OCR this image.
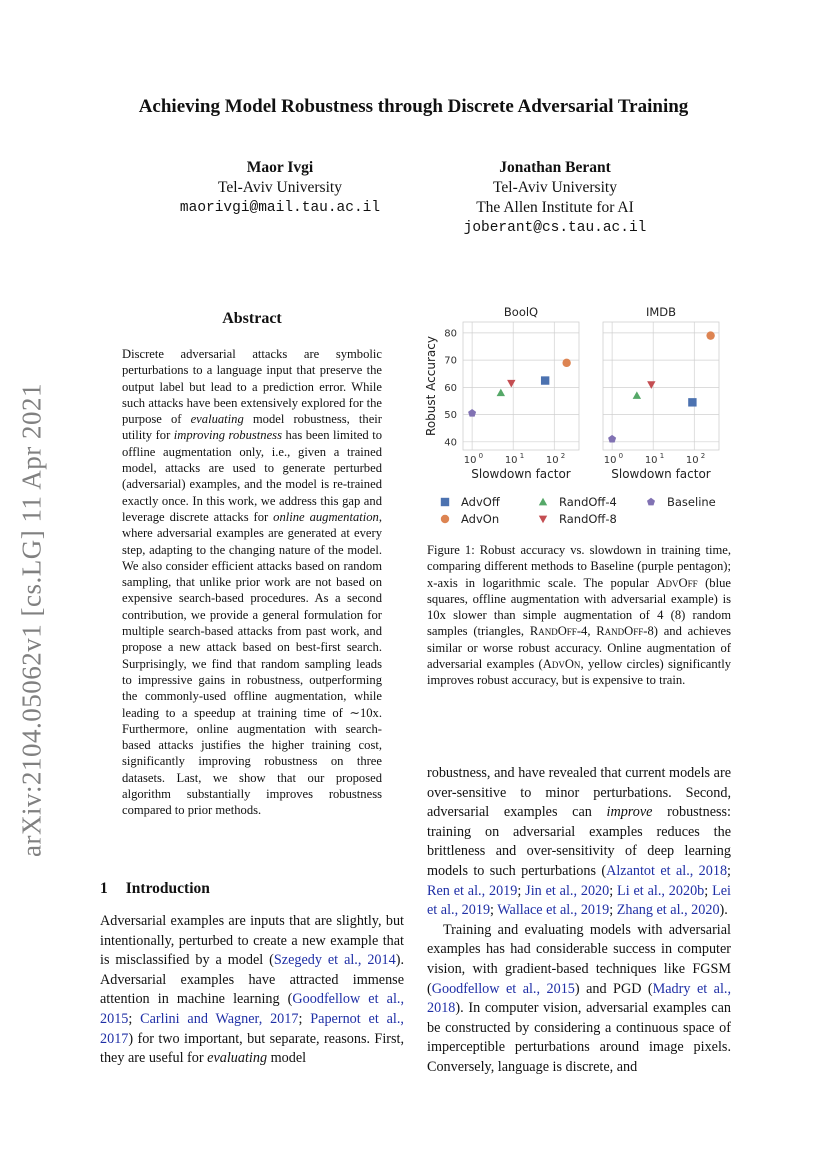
arXiv:2104.05062v1 [cs.LG] 11 Apr 2021
Achieving Model Robustness through Discrete Adversarial Training
Maor Ivgi
Tel-Aviv University
maorivgi@mail.tau.ac.il
Jonathan Berant
Tel-Aviv University
The Allen Institute for AI
joberant@cs.tau.ac.il
Abstract
Discrete adversarial attacks are symbolic perturbations to a language input that preserve the output label but lead to a prediction error. While such attacks have been extensively explored for the purpose of evaluating model robustness, their utility for improving robustness has been limited to offline augmentation only, i.e., given a trained model, attacks are used to generate perturbed (adversarial) examples, and the model is re-trained exactly once. In this work, we address this gap and leverage discrete attacks for online augmentation, where adversarial examples are generated at every step, adapting to the changing nature of the model. We also consider efficient attacks based on random sampling, that unlike prior work are not based on expensive search-based procedures. As a second contribution, we provide a general formulation for multiple search-based attacks from past work, and propose a new attack based on best-first search. Surprisingly, we find that random sampling leads to impressive gains in robustness, outperforming the commonly-used offline augmentation, while leading to a speedup at training time of ∼10x. Furthermore, online augmentation with search-based attacks justifies the higher training cost, significantly improving robustness on three datasets. Last, we show that our proposed algorithm substantially improves robustness compared to prior methods.
1 Introduction

Adversarial examples are inputs that are slightly, but intentionally, perturbed to create a new example that is misclassified by a model (Szegedy et al., 2014). Adversarial examples have attracted immense attention in machine learning (Goodfellow et al., 2015; Carlini and Wagner, 2017; Papernot et al., 2017) for two important, but separate, reasons. First, they are useful for evaluating model

40
50
60
70
80
10 0 10 1 10 2
BoolQ
Slowdown factor
Robust Accuracy
10 0 10 1 10 2
IMDB
Slowdown factor
AdvOff	RandOff-4	Baseline
AdvOn	RandOff-8
Figure 1: Robust accuracy vs. slowdown in training time, comparing different methods to Baseline (purple pentagon); x-axis in logarithmic scale. The popular AdvOff (blue squares, offline augmentation with adversarial example) is 10x slower than simple augmentation of 4 (8) random samples (triangles, RandOff-4, RandOff-8) and achieves similar or worse robust accuracy. Online augmentation of adversarial examples (AdvOn, yellow circles) significantly improves robust accuracy, but is expensive to train.

robustness, and have revealed that current models are over-sensitive to minor perturbations. Second, adversarial examples can improve robustness: training on adversarial examples reduces the brittleness and over-sensitivity of deep learning models to such perturbations (Alzantot et al., 2018; Ren et al., 2019; Jin et al., 2020; Li et al., 2020b; Lei et al., 2019; Wallace et al., 2019; Zhang et al., 2020).

Training and evaluating models with adversarial examples has had considerable success in computer vision, with gradient-based techniques like FGSM (Goodfellow et al., 2015) and PGD (Madry et al., 2018). In computer vision, adversarial examples can be constructed by considering a continuous space of imperceptible perturbations around image pixels. Conversely, language is discrete, and
